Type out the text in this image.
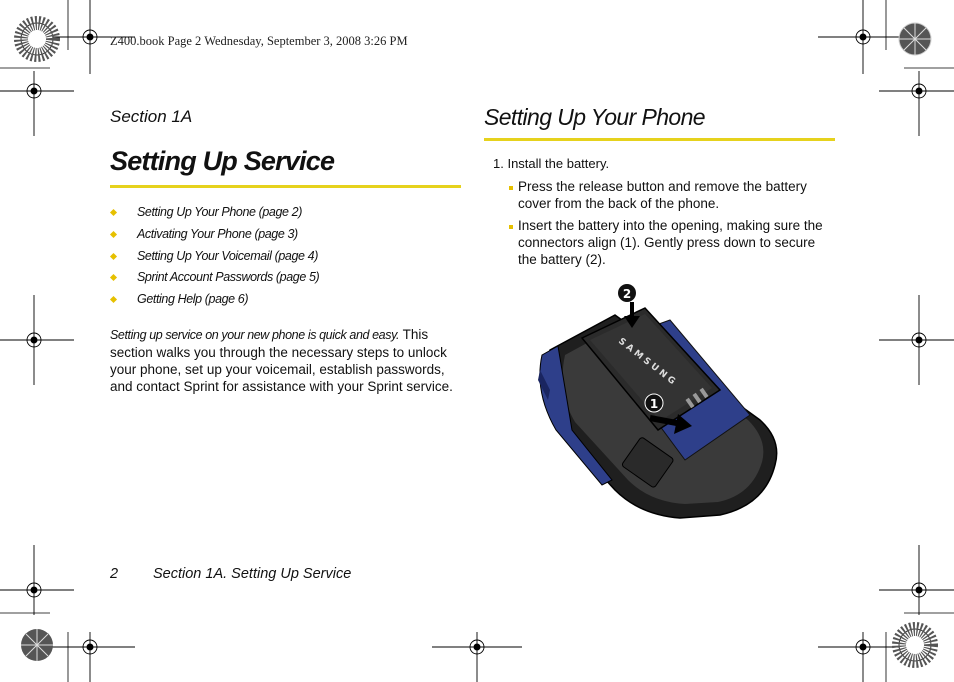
Z400.book Page 2 Wednesday, September 3, 2008 3:26 PM
Section 1A
Setting Up Service
Setting Up Your Phone (page 2)
Activating Your Phone (page 3)
Setting Up Your Voicemail (page 4)
Sprint Account Passwords (page 5)
Getting Help (page 6)
Setting up service on your new phone is quick and easy. This section walks you through the necessary steps to unlock your phone, set up your voicemail, establish passwords, and contact Sprint for assistance with your Sprint service.
Setting Up Your Phone
1. Install the battery.
Press the release button and remove the battery cover from the back of the phone.
Insert the battery into the opening, making sure the connectors align (1). Gently press down to secure the battery (2).
SAMSUNG
2
1
2 Section 1A. Setting Up Service
